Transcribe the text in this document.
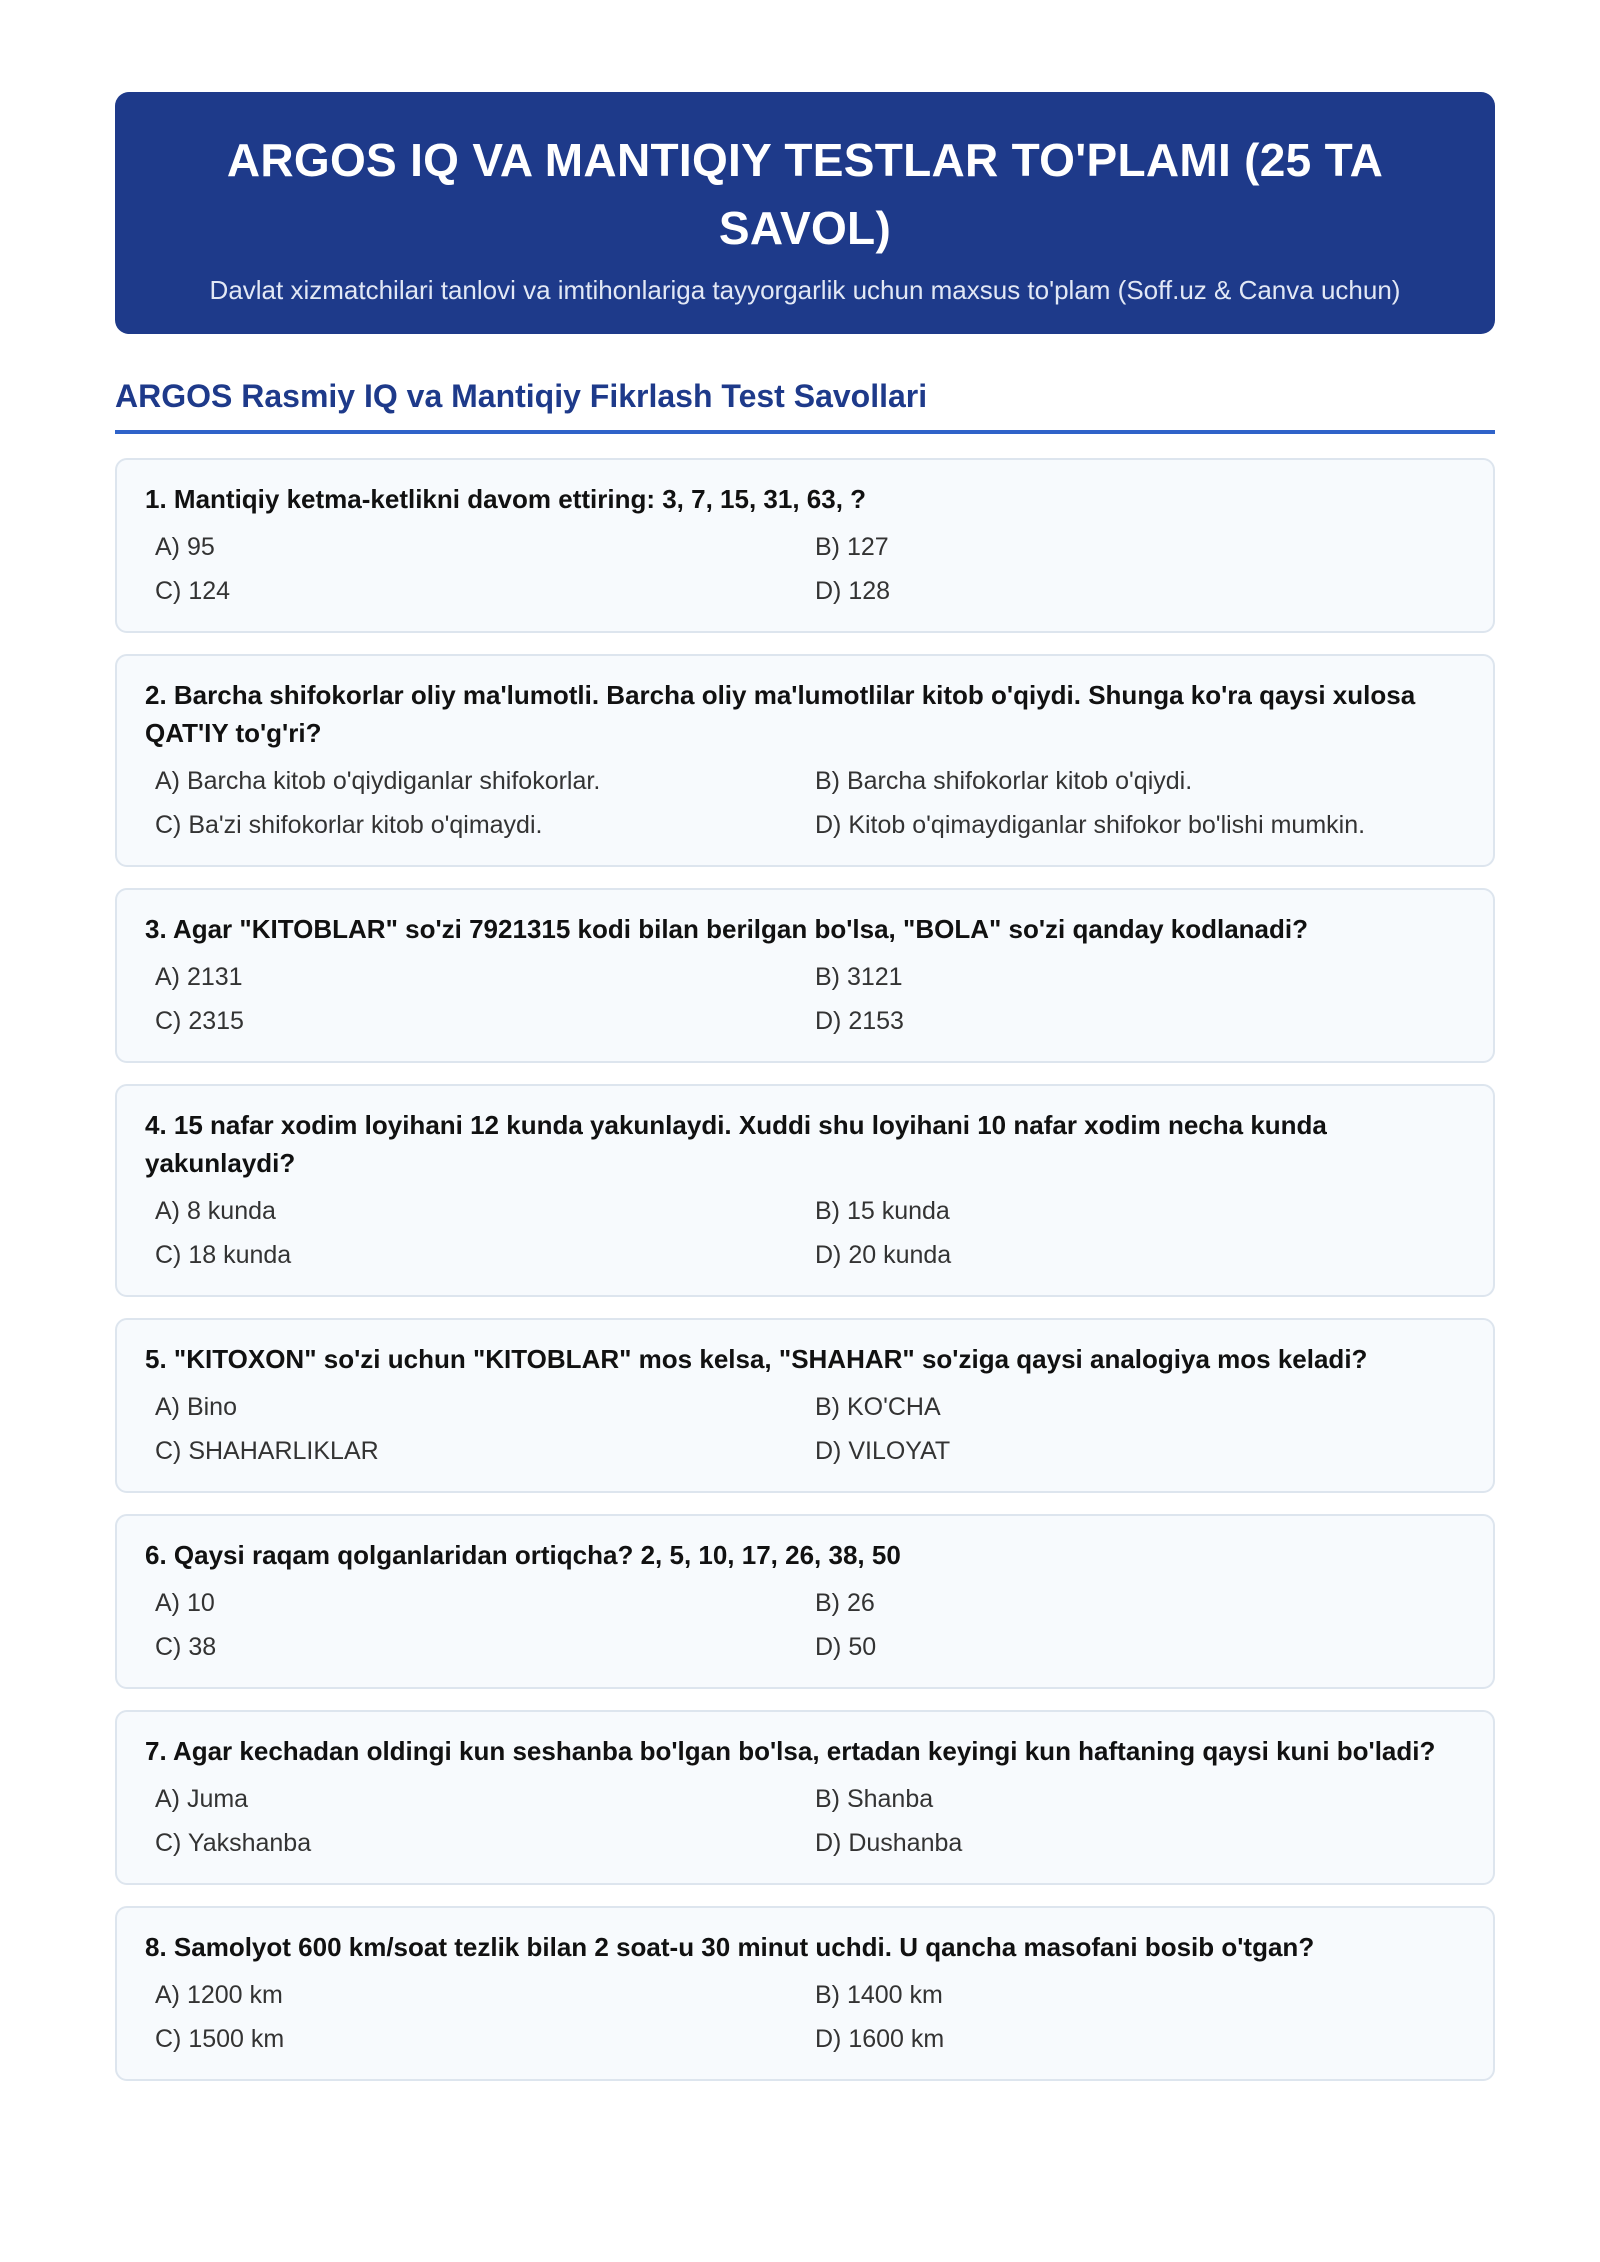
ARGOS IQ VA MANTIQIY TESTLAR TO'PLAMI (25 TA SAVOL)
Davlat xizmatchilari tanlovi va imtihonlariga tayyorgarlik uchun maxsus to'plam (Soff.uz & Canva uchun)
ARGOS Rasmiy IQ va Mantiqiy Fikrlash Test Savollari
1. Mantiqiy ketma-ketlikni davom ettiring: 3, 7, 15, 31, 63, ?
A) 95	B) 127
C) 124	D) 128
2. Barcha shifokorlar oliy ma'lumotli. Barcha oliy ma'lumotlilar kitob o'qiydi. Shunga ko'ra qaysi xulosa QAT'IY to'g'ri?
A) Barcha kitob o'qiydiganlar shifokorlar.	B) Barcha shifokorlar kitob o'qiydi.
C) Ba'zi shifokorlar kitob o'qimaydi.	D) Kitob o'qimaydiganlar shifokor bo'lishi mumkin.
3. Agar "KITOBLAR" so'zi 7921315 kodi bilan berilgan bo'lsa, "BOLA" so'zi qanday kodlanadi?
A) 2131	B) 3121
C) 2315	D) 2153
4. 15 nafar xodim loyihani 12 kunda yakunlaydi. Xuddi shu loyihani 10 nafar xodim necha kunda yakunlaydi?
A) 8 kunda	B) 15 kunda
C) 18 kunda	D) 20 kunda
5. "KITOXON" so'zi uchun "KITOBLAR" mos kelsa, "SHAHAR" so'ziga qaysi analogiya mos keladi?
A) Bino	B) KO'CHA
C) SHAHARLIKLAR	D) VILOYAT
6. Qaysi raqam qolganlaridan ortiqcha? 2, 5, 10, 17, 26, 38, 50
A) 10	B) 26
C) 38	D) 50
7. Agar kechadan oldingi kun seshanba bo'lgan bo'lsa, ertadan keyingi kun haftaning qaysi kuni bo'ladi?
A) Juma	B) Shanba
C) Yakshanba	D) Dushanba
8. Samolyot 600 km/soat tezlik bilan 2 soat-u 30 minut uchdi. U qancha masofani bosib o'tgan?
A) 1200 km	B) 1400 km
C) 1500 km	D) 1600 km
